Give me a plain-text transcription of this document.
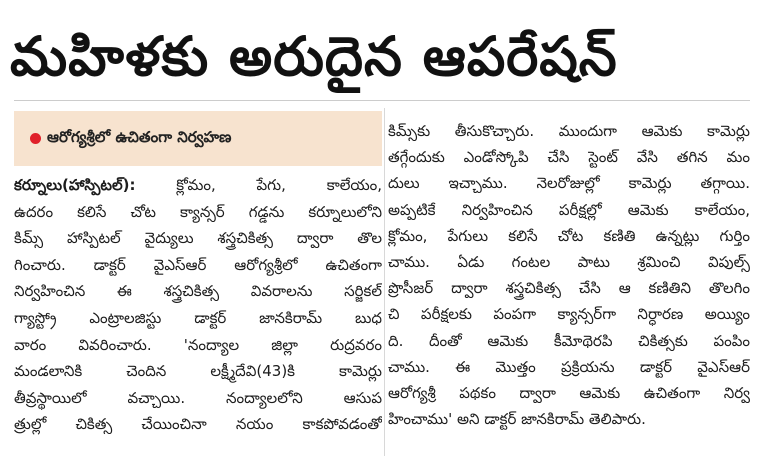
మహిళకు అరుదైన ఆపరేషన్
ఆరోగ్యశ్రీలో ఉచితంగా నిర్వహణ
కర్నూలు(హాస్పిటల్):	క్లోమం, పేగు, కాలేయం,
ఉదరం కలిసే చోట క్యాన్సర్ గడ్డను కర్నూలులోని
కిమ్స్ హాస్పిటల్ వైద్యులు శస్త్రచికిత్స ద్వారా తొల
గించారు. డాక్టర్ వైఎస్ఆర్ ఆరోగ్యశ్రీలో ఉచితంగా
నిర్వహించిన ఈ శస్త్రచికిత్స వివరాలను సర్జికల్
గ్యాస్ట్రో ఎంట్రాలజిస్టు డాక్టర్ జానకిరామ్ బుధ
వారం వివరించారు. 'నంద్యాల జిల్లా రుద్రవరం
మండలానికి చెందిన లక్ష్మీదేవి(43)కి కామెర్లు
తీవ్రస్థాయిలో వచ్చాయి. నంద్యాలలోని ఆసుప
త్రుల్లో చికిత్స చేయించినా నయం కాకపోవడంతో
కిమ్స్‌కు తీసుకొచ్చారు. ముందుగా ఆమెకు కామెర్లు
తగ్గేందుకు ఎండోస్కోపి చేసి స్టెంట్ వేసి తగిన మం
దులు ఇచ్చాము. నెలరోజుల్లో కామెర్లు తగ్గాయి.
అప్పటికే నిర్వహించిన పరీక్షల్లో ఆమెకు కాలేయం,
క్లోమం, పేగులు కలిసే చోట కణితి ఉన్నట్లు గుర్తిం
చాము. ఏడు గంటల పాటు శ్రమించి విపుల్స్
ప్రొసీజర్ ద్వారా శస్త్రచికిత్స చేసి ఆ కణితిని తొలగిం
చి పరీక్షలకు పంపగా క్యాన్సర్‌గా నిర్ధారణ అయ్యిం
ది. దీంతో ఆమెకు కీమోథెరపి చికిత్సకు పంపిం
చాము. ఈ మొత్తం ప్రక్రియను డాక్టర్ వైఎస్ఆర్
ఆరోగ్యశ్రీ పథకం ద్వారా ఆమెకు ఉచితంగా నిర్వ
హించాము' అని డాక్టర్ జానకిరామ్ తెలిపారు.
